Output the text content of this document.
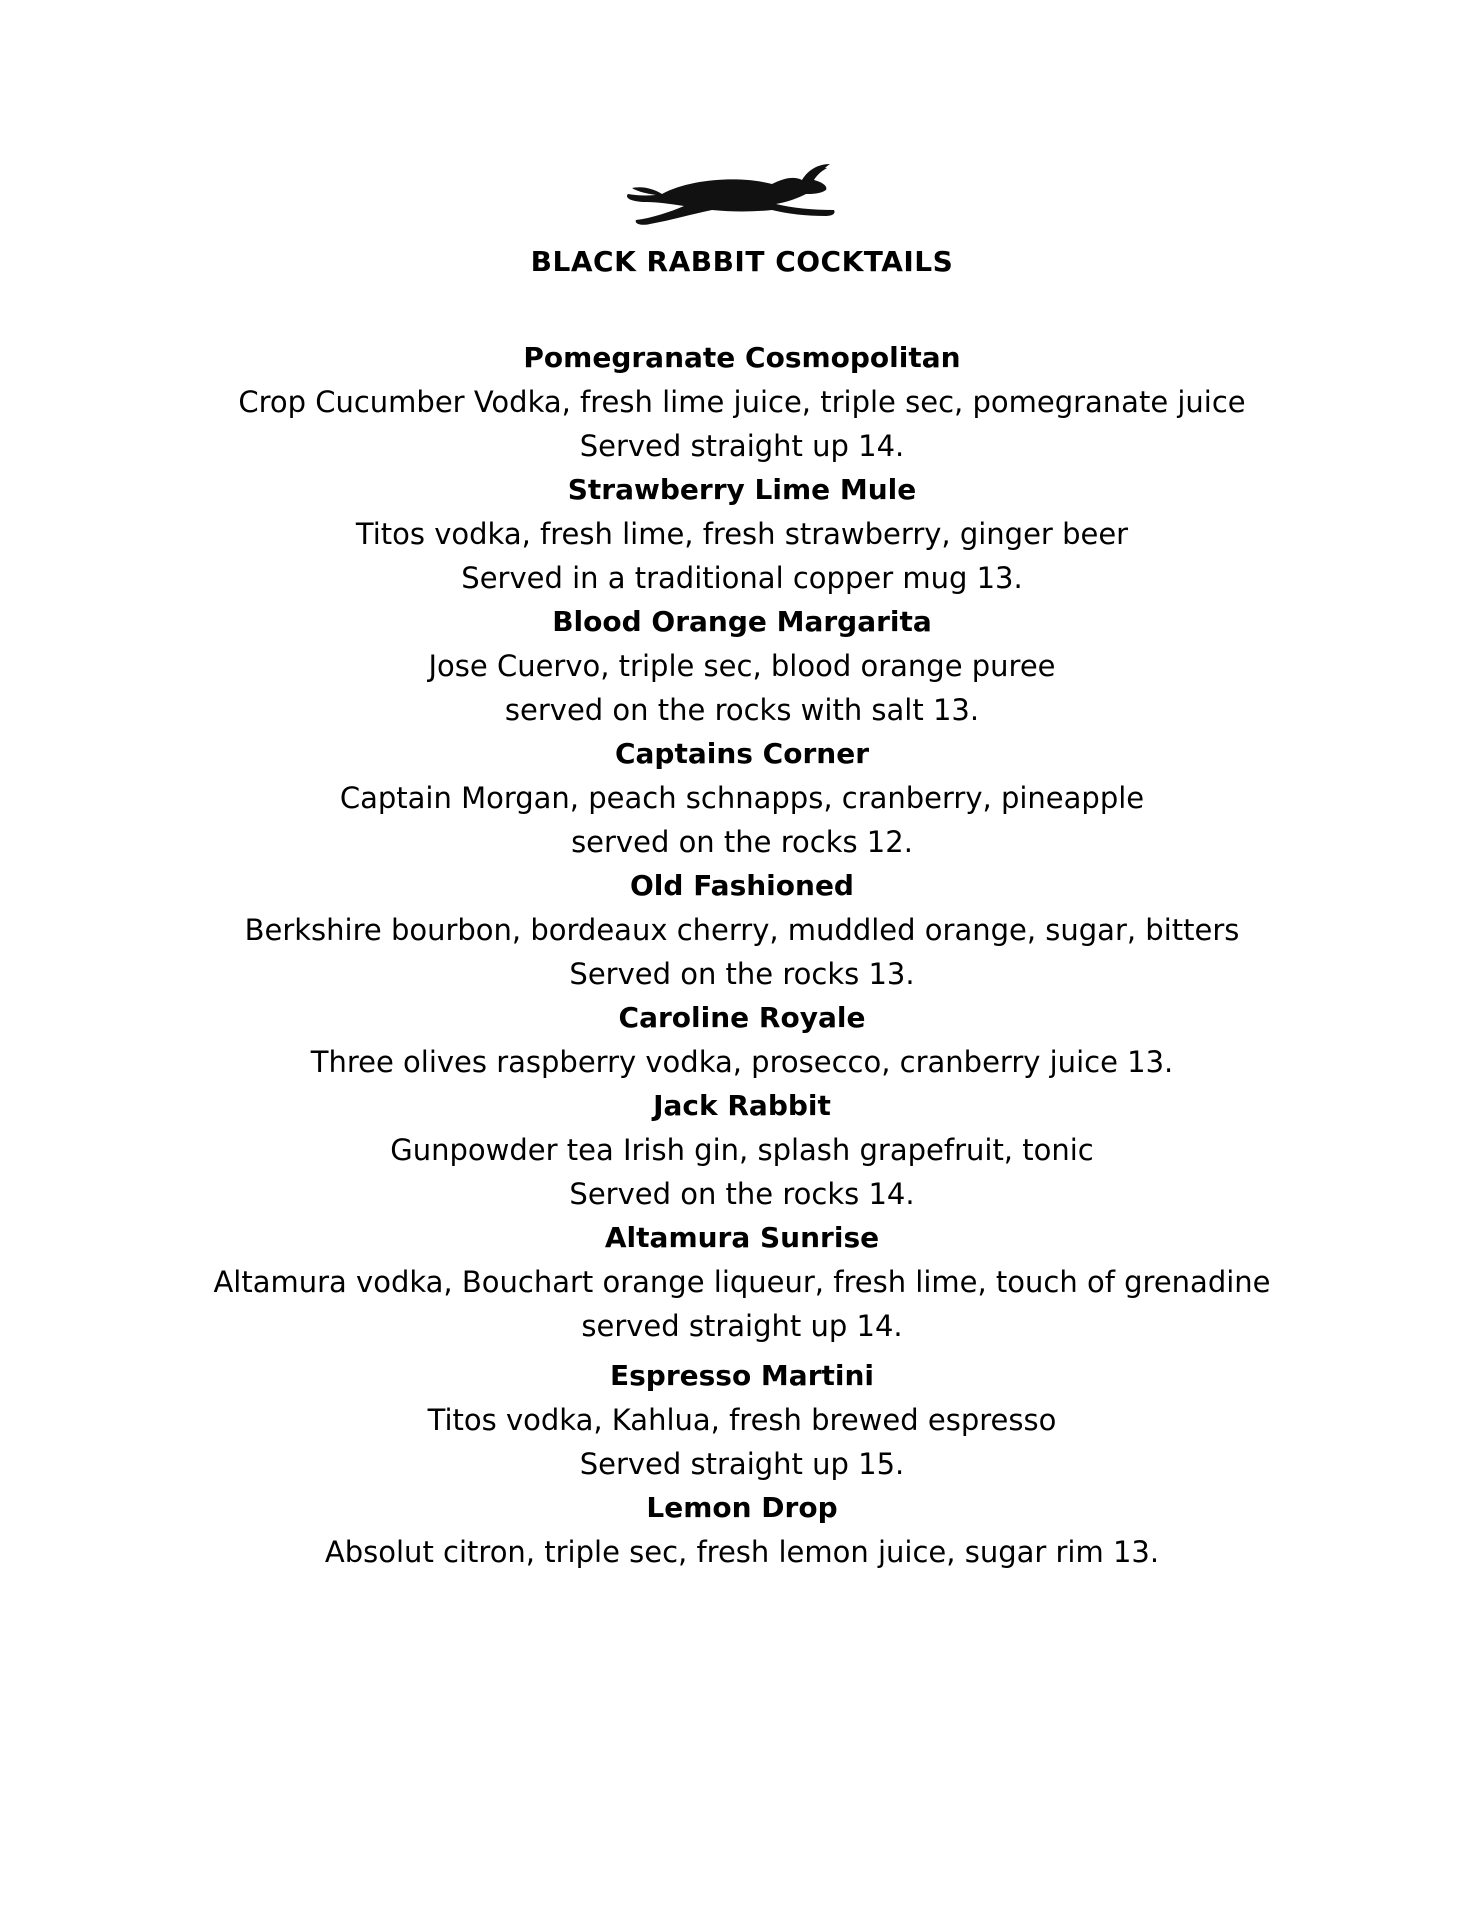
BLACK RABBIT COCKTAILS
Pomegranate Cosmopolitan
Crop Cucumber Vodka, fresh lime juice, triple sec, pomegranate juice
Served straight up 14.
Strawberry Lime Mule
Titos vodka, fresh lime, fresh strawberry, ginger beer
Served in a traditional copper mug 13.
Blood Orange Margarita
Jose Cuervo, triple sec, blood orange puree
served on the rocks with salt 13.
Captains Corner
Captain Morgan, peach schnapps, cranberry, pineapple
served on the rocks 12.
Old Fashioned
Berkshire bourbon, bordeaux cherry, muddled orange, sugar, bitters
Served on the rocks 13.
Caroline Royale
Three olives raspberry vodka, prosecco, cranberry juice 13.
Jack Rabbit
Gunpowder tea Irish gin, splash grapefruit, tonic
Served on the rocks 14.
Altamura Sunrise
Altamura vodka, Bouchart orange liqueur, fresh lime, touch of grenadine
served straight up 14.
Espresso Martini
Titos vodka, Kahlua, fresh brewed espresso
Served straight up 15.
Lemon Drop
Absolut citron, triple sec, fresh lemon juice, sugar rim 13.
